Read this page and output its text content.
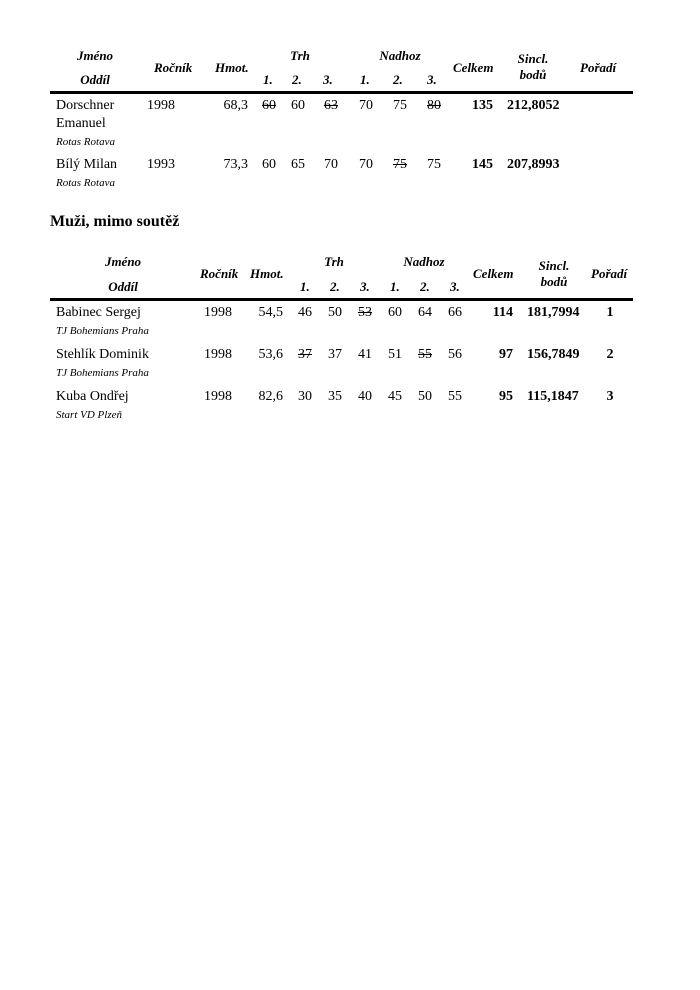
Jméno
Oddíl
Ročník Hmot.
Trh	Nadhoz
1. 2. 3. 1. 2. 3.
Celkem
Sincl.
bodů	Pořadí
Dorschner
Emanuel
Rotas Rotava
1998	68,3 60 60 63 70 75 80	135 212,8052
Bílý Milan
Rotas Rotava
1993	73,3 60 65 70 70 75 75	145 207,8993
Muži, mimo soutěž
Jméno
Oddíl
Ročník Hmot.
Trh	Nadhoz
1. 2. 3. 1. 2. 3.
Celkem
Sincl.
bodů
Pořadí
Babinec Sergej
TJ Bohemians Praha
1998	54,5 46 50 53 60 64 66	114 181,7994	1
Stehlík Dominik
TJ Bohemians Praha
1998	53,6 37 37 41 51 55 56	97 156,7849	2
Kuba Ondřej
Start VD Plzeň
1998	82,6 30 35 40 45 50 55	95 115,1847	3
